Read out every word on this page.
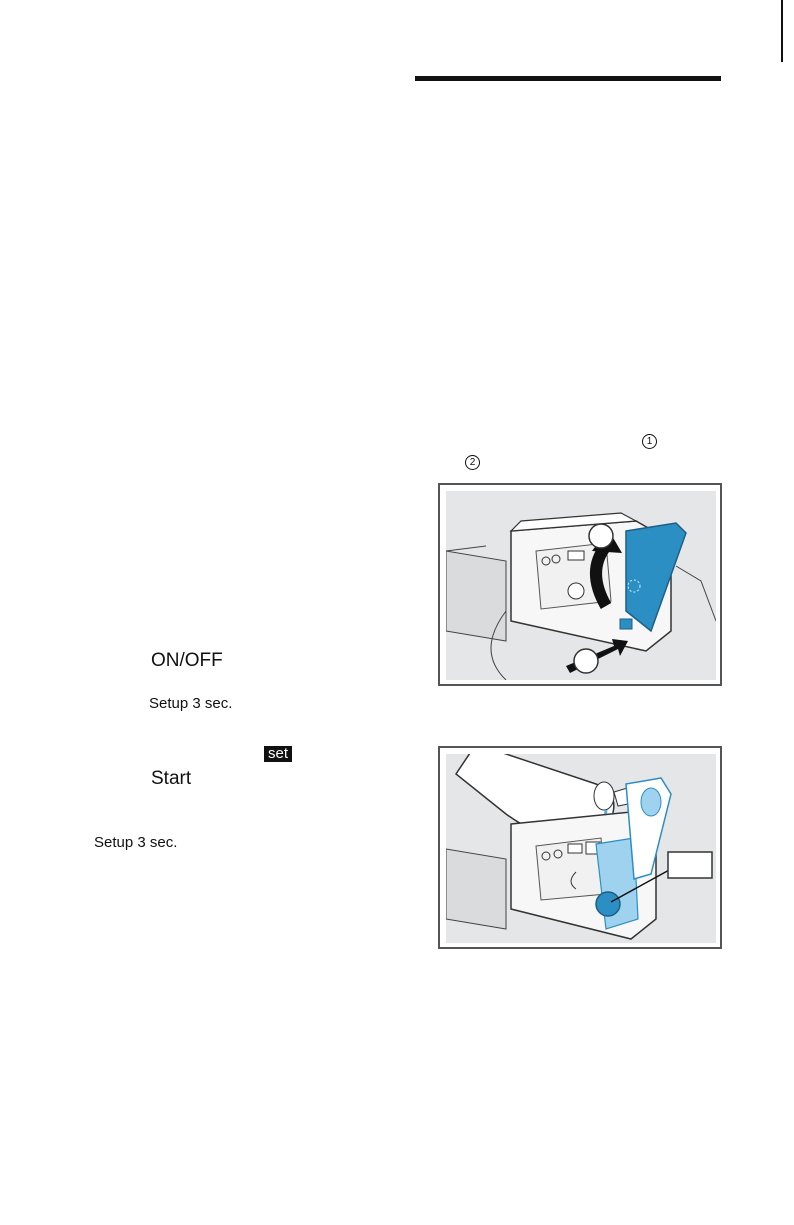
1
2
ON/OFF
Setup 3 sec.
set
Start
Setup 3 sec.
